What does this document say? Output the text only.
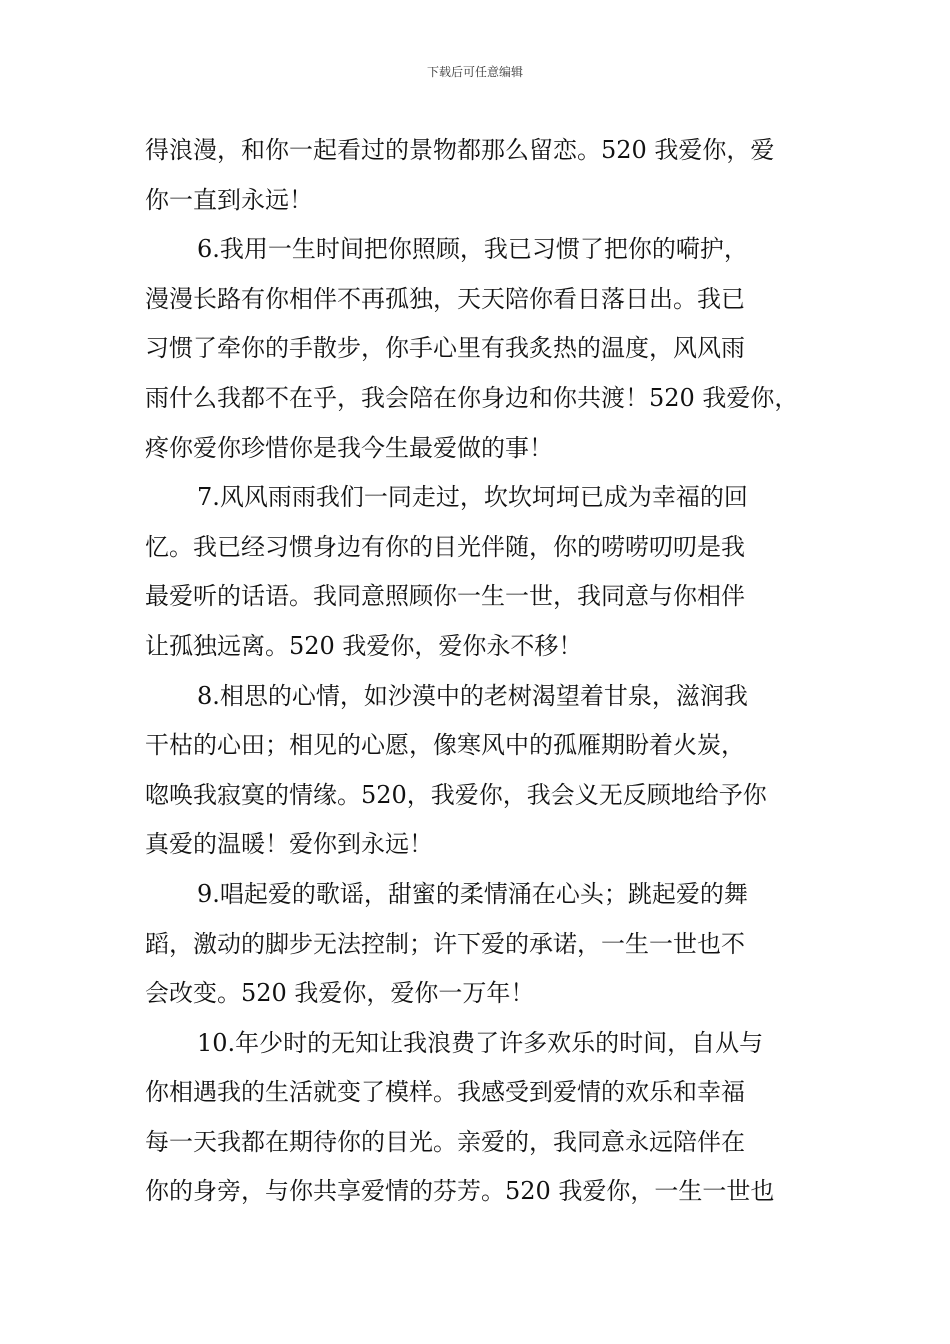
下载后可任意编辑
得浪漫，和你一起看过的景物都那么留恋。520 我爱你，爱
你一直到永远！
6.我用一生时间把你照顾，我已习惯了把你的嗬护，
漫漫长路有你相伴不再孤独，天天陪你看日落日出。我已
习惯了牵你的手散步，你手心里有我炙热的温度，风风雨
雨什么我都不在乎，我会陪在你身边和你共渡！520 我爱你，
疼你爱你珍惜你是我今生最爱做的事！
7.风风雨雨我们一同走过，坎坎坷坷已成为幸福的回
忆。我已经习惯身边有你的目光伴随，你的唠唠叨叨是我
最爱听的话语。我同意照顾你一生一世，我同意与你相伴
让孤独远离。520 我爱你，爱你永不移！
8.相思的心情，如沙漠中的老树渴望着甘泉，滋润我
干枯的心田；相见的心愿，像寒风中的孤雁期盼着火炭，
唿唤我寂寞的情缘。520，我爱你，我会义无反顾地给予你
真爱的温暖！爱你到永远！
9.唱起爱的歌谣，甜蜜的柔情涌在心头；跳起爱的舞
蹈，激动的脚步无法控制；许下爱的承诺，一生一世也不
会改变。520 我爱你，爱你一万年！
10.年少时的无知让我浪费了许多欢乐的时间，自从与
你相遇我的生活就变了模样。我感受到爱情的欢乐和幸福
每一天我都在期待你的目光。亲爱的，我同意永远陪伴在
你的身旁，与你共享爱情的芬芳。520 我爱你，一生一世也
